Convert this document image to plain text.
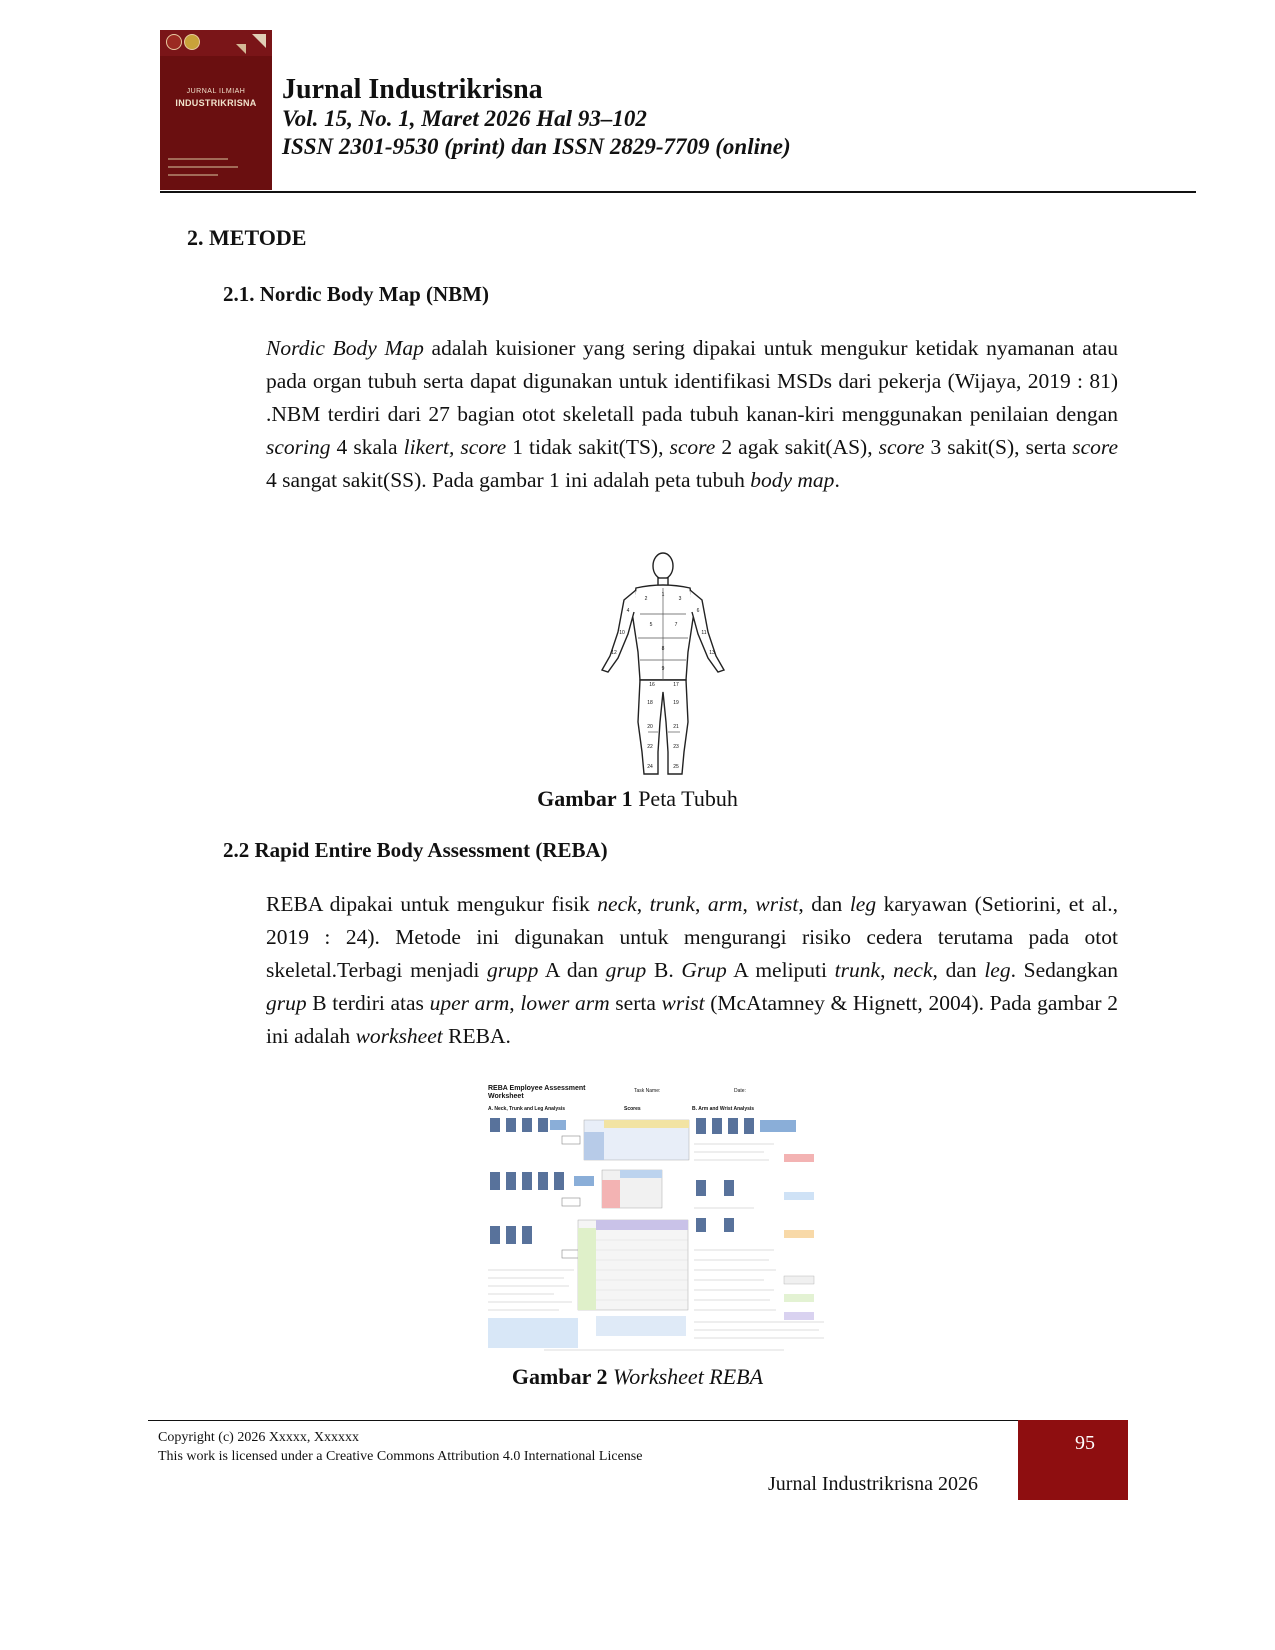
JURNAL ILMIAH
INDUSTRIKRISNA Jurnal Industrikrisna

Vol. 15, No. 1, Maret 2026 Hal 93–102

ISSN 2301-9530 (print) dan ISSN 2829-7709 (online)

2. METODE
2.1. Nordic Body Map (NBM)

Nordic Body Map adalah kuisioner yang sering dipakai untuk mengukur ketidak nyamanan atau pada organ tubuh serta dapat digunakan untuk identifikasi MSDs dari pekerja (Wijaya, 2019 : 81) .NBM terdiri dari 27 bagian otot skeletall pada tubuh kanan-kiri menggunakan penilaian dengan scoring 4 skala likert, score 1 tidak sakit(TS), score 2 agak sakit(AS), score 3 sakit(S), serta score 4 sangat sakit(SS). Pada gambar 1 ini adalah peta tubuh body map.

1
2	3
4
5
6
7
8
9
10	11
12	13
16	17
18	19
20	21
22	23
24	25

Gambar 1 Peta Tubuh

2.2 Rapid Entire Body Assessment (REBA)

REBA dipakai untuk mengukur fisik neck, trunk, arm, wrist, dan leg karyawan (Setiorini, et al., 2019 : 24). Metode ini digunakan untuk mengurangi risiko cedera terutama pada otot skeletal.Terbagi menjadi grupp A dan grup B. Grup A meliputi trunk, neck, dan leg. Sedangkan grup B terdiri atas uper arm, lower arm serta wrist (McAtamney & Hignett, 2004). Pada gambar 2 ini adalah worksheet REBA.

REBA Employee Assessment
Worksheet
Task Name:	Date:
A. Neck, Trunk and Leg Analysis	Scores	B. Arm and Wrist Analysis

Gambar 2 Worksheet REBA

Copyright (c) 2026 Xxxxx, Xxxxxx

This work is licensed under a Creative Commons Attribution 4.0 International License

95

Jurnal Industrikrisna 2026
